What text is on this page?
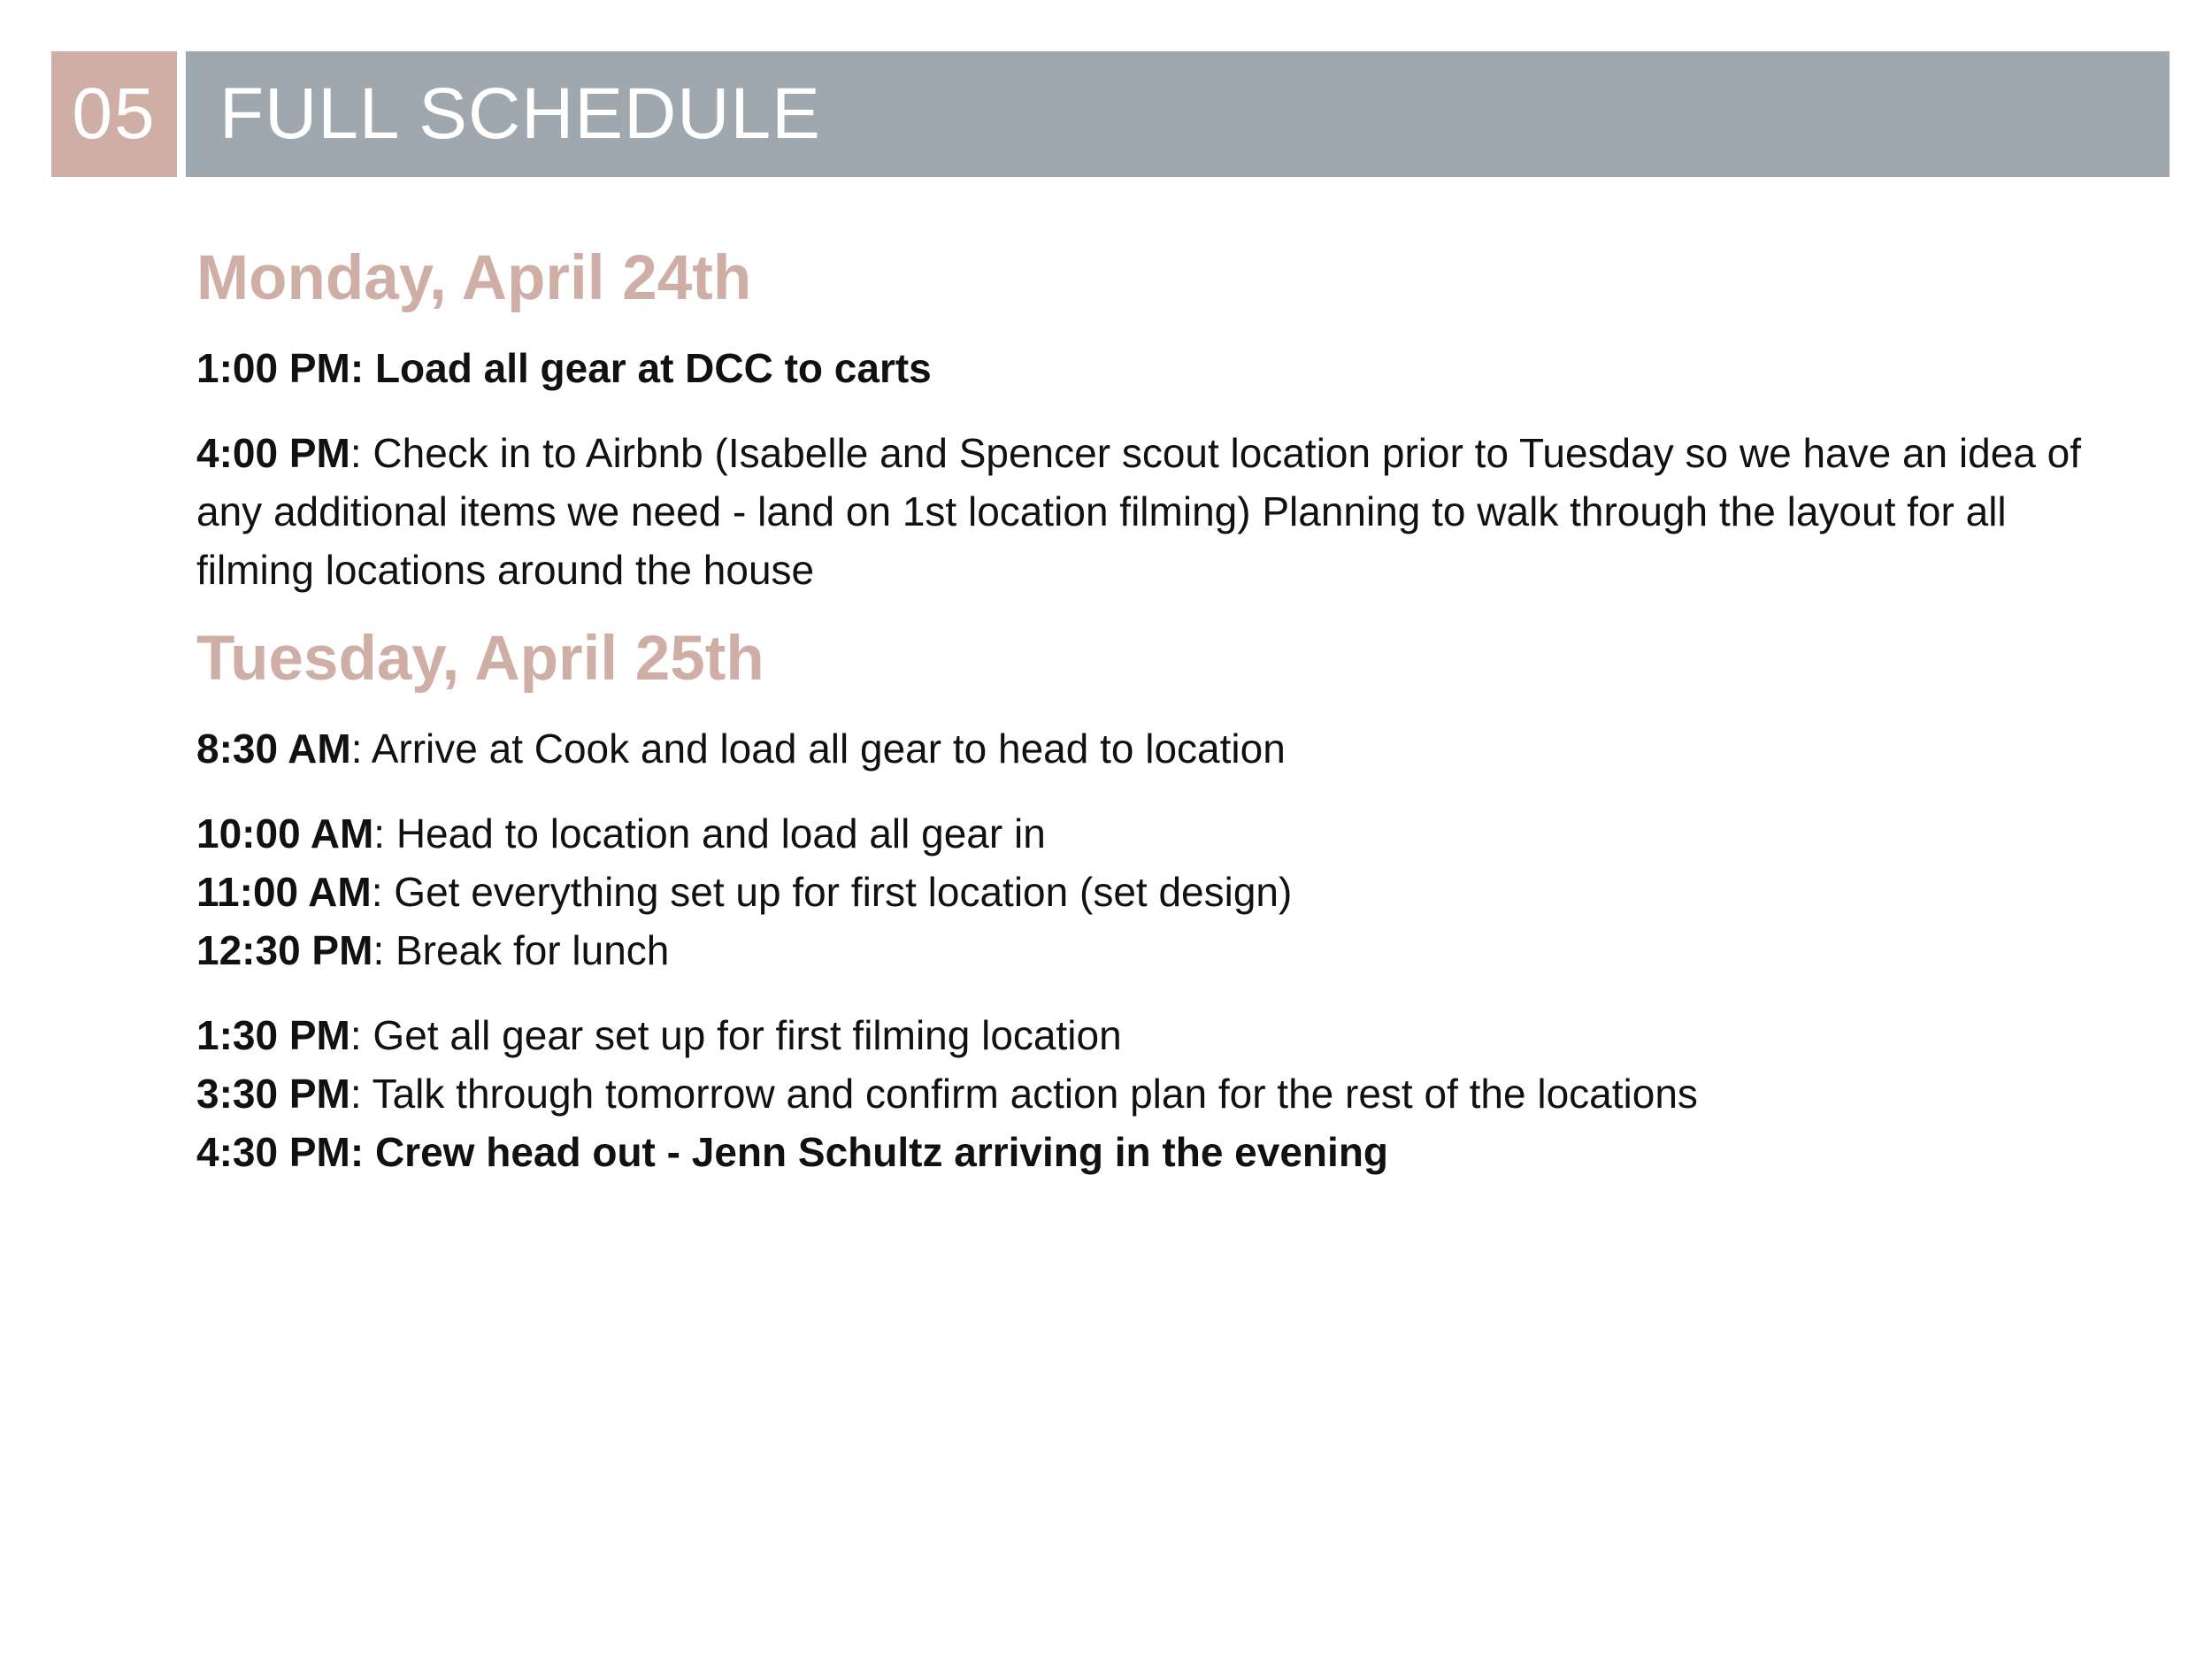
05 FULL SCHEDULE
Monday, April 24th

1:00 PM: Load all gear at DCC to carts

4:00 PM: Check in to Airbnb (Isabelle and Spencer scout location prior to Tuesday so we have an idea of any additional items we need - land on 1st location filming) Planning to walk through the layout for all filming locations around the house

Tuesday, April 25th

8:30 AM: Arrive at Cook and load all gear to head to location

10:00 AM: Head to location and load all gear in

11:00 AM: Get everything set up for first location (set design)

12:30 PM: Break for lunch

1:30 PM: Get all gear set up for first filming location

3:30 PM: Talk through tomorrow and confirm action plan for the rest of the locations

4:30 PM: Crew head out - Jenn Schultz arriving in the evening
